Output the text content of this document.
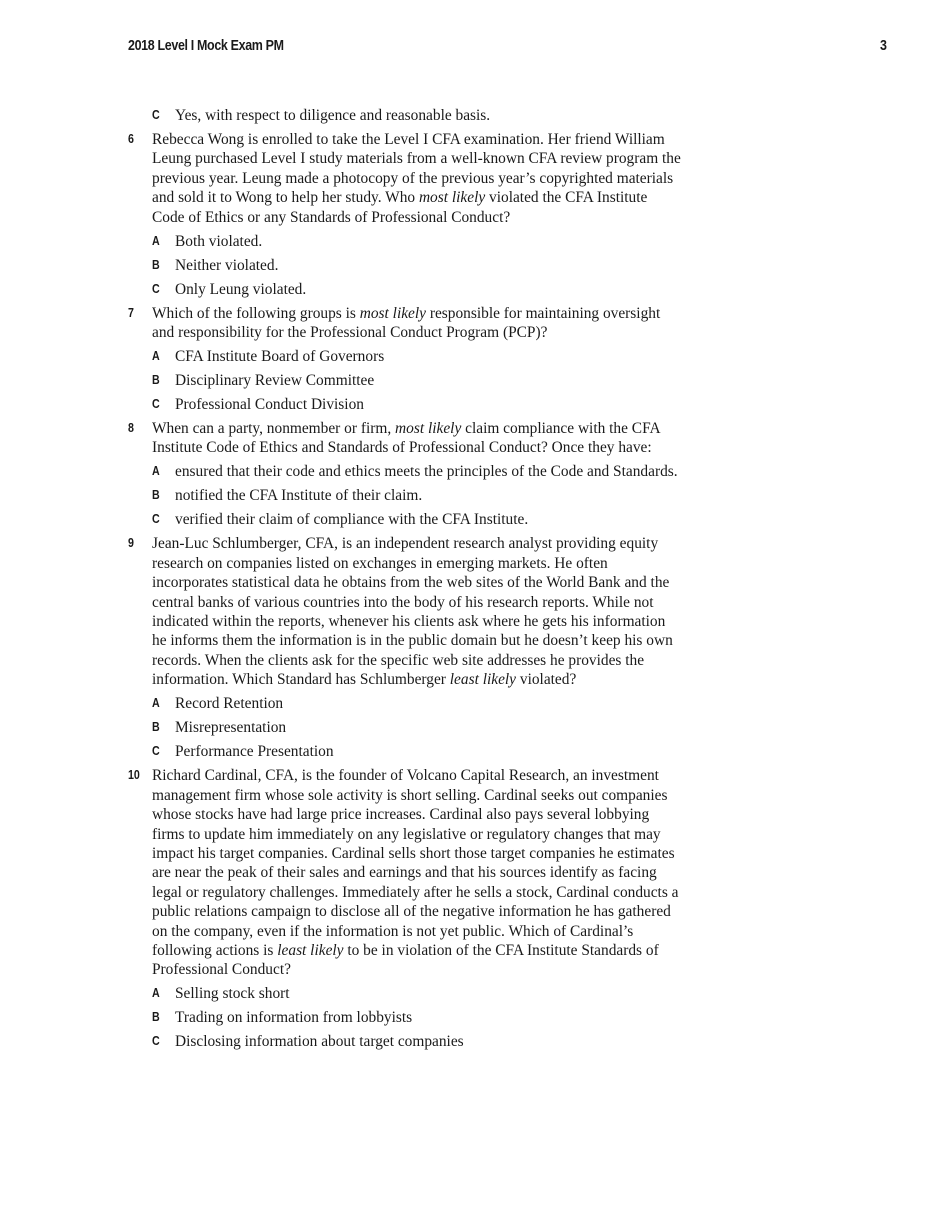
2018 Level I Mock Exam PM	3
C Yes, with respect to diligence and reasonable basis.
6 Rebecca Wong is enrolled to take the Level I CFA examination. Her friend William Leung purchased Level I study materials from a well-known CFA review program the previous year. Leung made a photocopy of the previous year’s copyrighted materials and sold it to Wong to help her study. Who most likely violated the CFA Institute Code of Ethics or any Standards of Professional Conduct?

A Both violated.
B Neither violated.
C Only Leung violated.
7 Which of the following groups is most likely responsible for maintaining oversight and responsibility for the Professional Conduct Program (PCP)?

A CFA Institute Board of Governors
B Disciplinary Review Committee
C Professional Conduct Division
8 When can a party, nonmember or firm, most likely claim compliance with the CFA Institute Code of Ethics and Standards of Professional Conduct? Once they have:

A ensured that their code and ethics meets the principles of the Code and Standards.
B notified the CFA Institute of their claim.
C verified their claim of compliance with the CFA Institute.
9 Jean-Luc Schlumberger, CFA, is an independent research analyst providing equity research on companies listed on exchanges in emerging markets. He often incorporates statistical data he obtains from the web sites of the World Bank and the central banks of various countries into the body of his research reports. While not indicated within the reports, whenever his clients ask where he gets his information he informs them the information is in the public domain but he doesn’t keep his own records. When the clients ask for the specific web site addresses he provides the information. Which Standard has Schlumberger least likely violated?

A Record Retention
B Misrepresentation
C Performance Presentation
10 Richard Cardinal, CFA, is the founder of Volcano Capital Research, an investment management firm whose sole activity is short selling. Cardinal seeks out companies whose stocks have had large price increases. Cardinal also pays several lobbying firms to update him immediately on any legislative or regulatory changes that may impact his target companies. Cardinal sells short those target companies he estimates are near the peak of their sales and earnings and that his sources identify as facing legal or regulatory challenges. Immediately after he sells a stock, Cardinal conducts a public relations campaign to disclose all of the negative information he has gathered on the company, even if the information is not yet public. Which of Cardinal’s following actions is least likely to be in violation of the CFA Institute Standards of Professional Conduct?

A Selling stock short
B Trading on information from lobbyists
C Disclosing information about target companies
